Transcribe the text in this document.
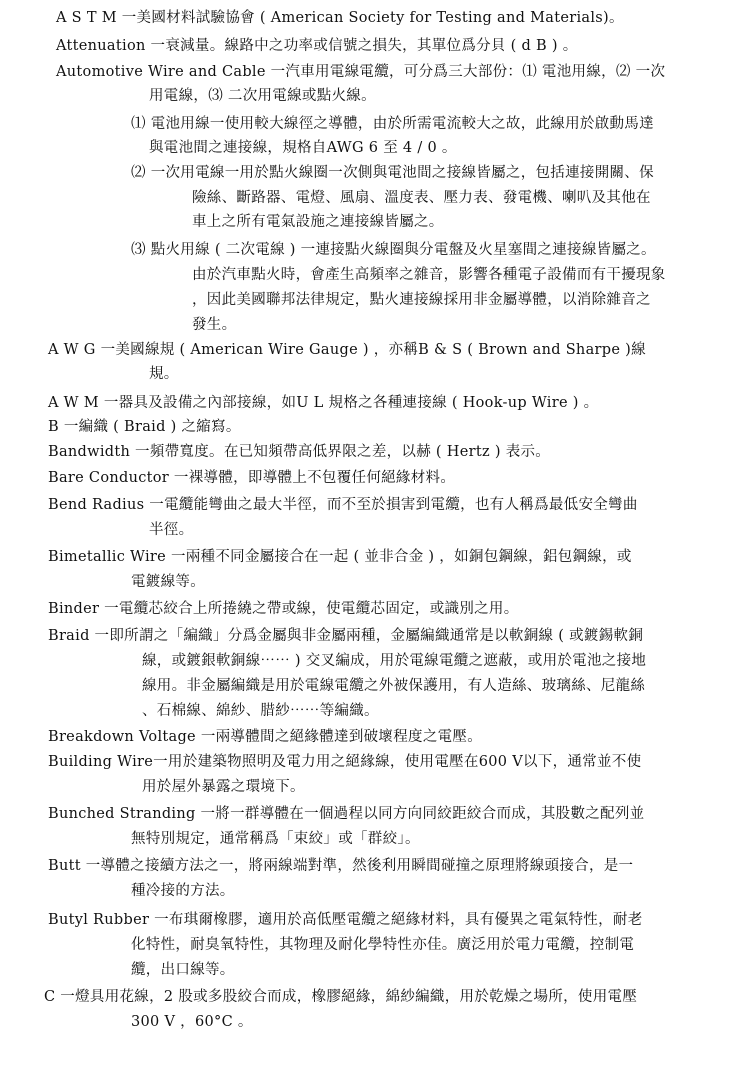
A S T M 一美國材料試驗協會 ( American Society for Testing and Materials)。
Attenuation 一衰減量。線路中之功率或信號之損失，其單位爲分貝 ( d B ) 。
Automotive Wire and Cable 一汽車用電線電纜，可分爲三大部份：⑴ 電池用線，⑵ 一次
用電線，⑶ 二次用電線或點火線。
⑴ 電池用線一使用較大線徑之導體，由於所需電流較大之故，此線用於啟動馬達
與電池間之連接線，規格自AWG 6 至 4 / 0 。
⑵ 一次用電線一用於點火線圈一次側與電池間之接線皆屬之，包括連接開關、保
險絲、斷路器、電燈、風扇、溫度表、壓力表、發電機、喇叭及其他在
車上之所有電氣設施之連接線皆屬之。
⑶ 點火用線 ( 二次電線 ) 一連接點火線圈與分電盤及火星塞間之連接線皆屬之。
由於汽車點火時，會產生高頻率之雜音，影響各種電子設備而有干擾現象
，因此美國聯邦法律規定，點火連接線採用非金屬導體，以消除雜音之
發生。
A W G 一美國線規 ( American Wire Gauge ) ，亦稱B & S ( Brown and Sharpe )線
規。
A W M 一器具及設備之內部接線，如U L 規格之各種連接線 ( Hook-up Wire ) 。
B 一編織 ( Braid ) 之縮寫。
Bandwidth 一頻帶寬度。在已知頻帶高低界限之差，以赫 ( Hertz ) 表示。
Bare Conductor 一裸導體，即導體上不包覆任何絕緣材料。
Bend Radius 一電纜能彎曲之最大半徑，而不至於損害到電纜，也有人稱爲最低安全彎曲
半徑。
Bimetallic Wire 一兩種不同金屬接合在一起 ( 並非合金 ) ，如銅包鋼線，鋁包鋼線，或
電鍍線等。
Binder 一電纜芯絞合上所捲繞之帶或線，使電纜芯固定，或識別之用。
Braid 一即所謂之「編織」分爲金屬與非金屬兩種，金屬編織通常是以軟銅線 ( 或鍍錫軟銅
線，或鍍銀軟銅線⋯⋯ ) 交叉編成，用於電線電纜之遮蔽，或用於電池之接地
線用。非金屬編織是用於電線電纜之外被保護用，有人造絲、玻璃絲、尼龍絲
、石棉線、綿紗、腊紗⋯⋯等編織。
Breakdown Voltage 一兩導體間之絕緣體達到破壞程度之電壓。
Building Wire一用於建築物照明及電力用之絕緣線，使用電壓在600 V以下，通常並不使
用於屋外暴露之環境下。
Bunched Stranding 一將一群導體在一個過程以同方向同絞距絞合而成，其股數之配列並
無特別規定，通常稱爲「束絞」或「群絞」。
Butt 一導體之接續方法之一，將兩線端對準，然後利用瞬間碰撞之原理將線頭接合，是一
種冷接的方法。
Butyl Rubber 一布琪爾橡膠，適用於高低壓電纜之絕緣材料，具有優異之電氣特性，耐老
化特性，耐臭氧特性，其物理及耐化學特性亦佳。廣泛用於電力電纜，控制電
纜，出口線等。
C 一燈具用花線，2 股或多股絞合而成，橡膠絕緣，綿紗編織，用於乾燥之場所，使用電壓
300 V ，60°C 。
